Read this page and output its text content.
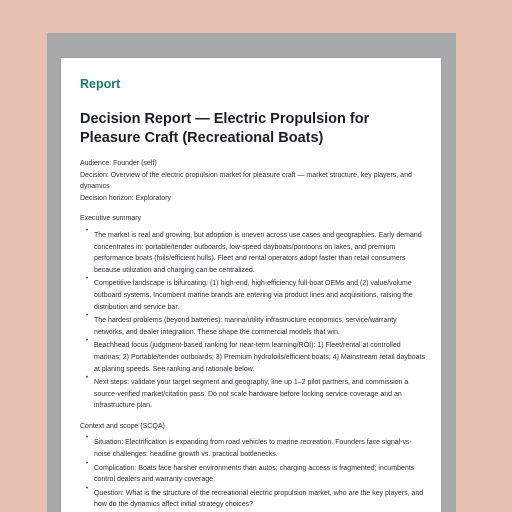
Report
Decision Report — Electric Propulsion for Pleasure Craft (Recreational Boats)

Audience: Founder (self)

Decision: Overview of the electric propulsion market for pleasure craft — market structure, key players, and dynamics

Decision horizon: Exploratory

Executive summary

• The market is real and growing, but adoption is uneven across use cases and geographies. Early demand concentrates in: portable/tender outboards, low-speed dayboats/pontoons on lakes, and premium performance boats (foils/efficient hulls). Fleet and rental operators adopt faster than retail consumers because utilization and charging can be centralized.
• Competitive landscape is bifurcating: (1) high-end, high-efficiency full-boat OEMs and (2) value/volume outboard systems. Incumbent marine brands are entering via product lines and acquisitions, raising the distribution and service bar.
• The hardest problems (beyond batteries): marina/utility infrastructure economics, service/warranty networks, and dealer integration. These shape the commercial models that win.
• Beachhead focus (judgment-based ranking for near-term learning/ROI): 1) Fleet/rental at controlled marinas; 2) Portable/tender outboards; 3) Premium hydrofoils/efficient boats; 4) Mainstream retail dayboats at planing speeds. See ranking and rationale below.
• Next steps: validate your target segment and geography, line up 1–2 pilot partners, and commission a source-verified market/citation pass. Do not scale hardware before locking service coverage and an infrastructure plan.

Context and scope (SCQA)

• Situation: Electrification is expanding from road vehicles to marine recreation. Founders face signal-vs-noise challenges: headline growth vs. practical bottlenecks.
• Complication: Boats face harsher environments than autos; charging access is fragmented; incumbents control dealers and warranty coverage.
• Question: What is the structure of the recreational electric propulsion market, who are the key players, and how do the dynamics affect initial strategy choices?
